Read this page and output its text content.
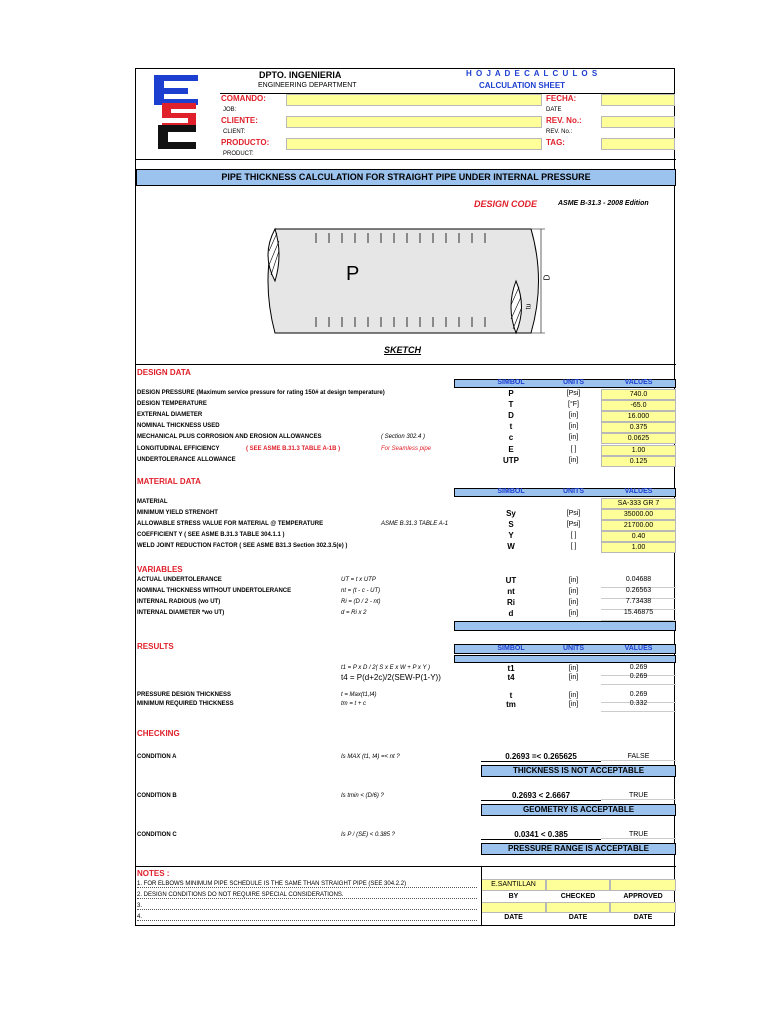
DPTO. INGENIERIA
ENGINEERING DEPARTMENT
H O J A D E C A L C U L O S
CALCULATION SHEET
COMANDO:	FECHA:
JOB:	DATE
CLIENTE:	REV. No.:
CLIENT:	REV. No.:
PRODUCTO:	TAG:
PRODUCT:
PIPE THICKNESS CALCULATION FOR STRAIGHT PIPE UNDER INTERNAL PRESSURE
DESIGN CODE	ASME B-31.3 - 2008 Edition
P	D
tu
SKETCH
DESIGN DATA
SIMBOL	UNITS	VALUES
DESIGN PRESSURE (Maximum service pressure for rating 150# at design temperature)	P	[Psi]	740.0
DESIGN TEMPERATURE	T	[°F]	-65.0
EXTERNAL DIAMETER	D	[in]	16.000
NOMINAL THICKNESS USED	t	[in]	0.375
MECHANICAL PLUS CORROSION AND EROSION ALLOWANCES	( Section 302.4 )	c	[in]	0.0625
LONGITUDINAL EFFICIENCY	( SEE ASME B.31.3 TABLE A-1B )	For Seamless pipe	E	[ ]	1.00
UNDERTOLERANCE ALLOWANCE	UTP	[in]	0.125
MATERIAL DATA
SIMBOL	UNITS	VALUES
MATERIAL	SA-333 GR 7
MINIMUM YIELD STRENGHT	Sy	[Psi]	35000.00
ALLOWABLE STRESS VALUE FOR MATERIAL @ TEMPERATURE	ASME B.31.3 TABLE A-1	S	[Psi]	21700.00
COEFFICIENT Y ( SEE ASME B.31.3 TABLE 304.1.1 )	Y	[ ]	0.40
WELD JOINT REDUCTION FACTOR ( SEE ASME B31.3 Section 302.3.5(e) )	W	[ ]	1.00
VARIABLES
ACTUAL UNDERTOLERANCE	UT = t x UTP	UT	[in]	0.04688
NOMINAL THICKNESS WITHOUT UNDERTOLERANCE	nt = (t - c - UT)	nt	[in]	0.26563
INTERNAL RADIOUS (wo UT)	Ri = (D / 2 - nt)	Ri	[in]	7.73438
INTERNAL DIAMETER *wo UT)	d = Ri x 2	d	[in]	15.46875
RESULTS	SIMBOL	UNITS	VALUES
t1 = P x D / 2( S x E x W + P x Y )	t1	[in]	0.269
t4 = P(d+2c)/2(SEW-P(1-Y))	t4	[in]	0.269
PRESSURE DESIGN THICKNESS	t = Max(t1,t4)	t	[in]	0.269
MINIMUM REQUIRED THICKNESS	tm = t + c	tm	[in]	0.332
CHECKING
CONDITION A	Is MAX (t1, t4) =< nt ?	0.2693 =< 0.265625	FALSE
THICKNESS IS NOT ACCEPTABLE
CONDITION B	Is tmin < (D/6) ?	0.2693 < 2.6667	TRUE
GEOMETRY IS ACCEPTABLE
CONDITION C	Is P / (SE) < 0.385 ?	0.0341 < 0.385	TRUE
PRESSURE RANGE IS ACCEPTABLE
NOTES :
1. FOR ELBOWS MINIMUM PIPE SCHEDULE IS THE SAME THAN STRAIGHT PIPE (SEE 304.2.2)
2. DESIGN CONDITIONS DO NOT REQUIRE SPECIAL CONSIDERATIONS.
3.
4.
E.SANTILLAN
BY	CHECKED	APPROVED
DATE	DATE	DATE
